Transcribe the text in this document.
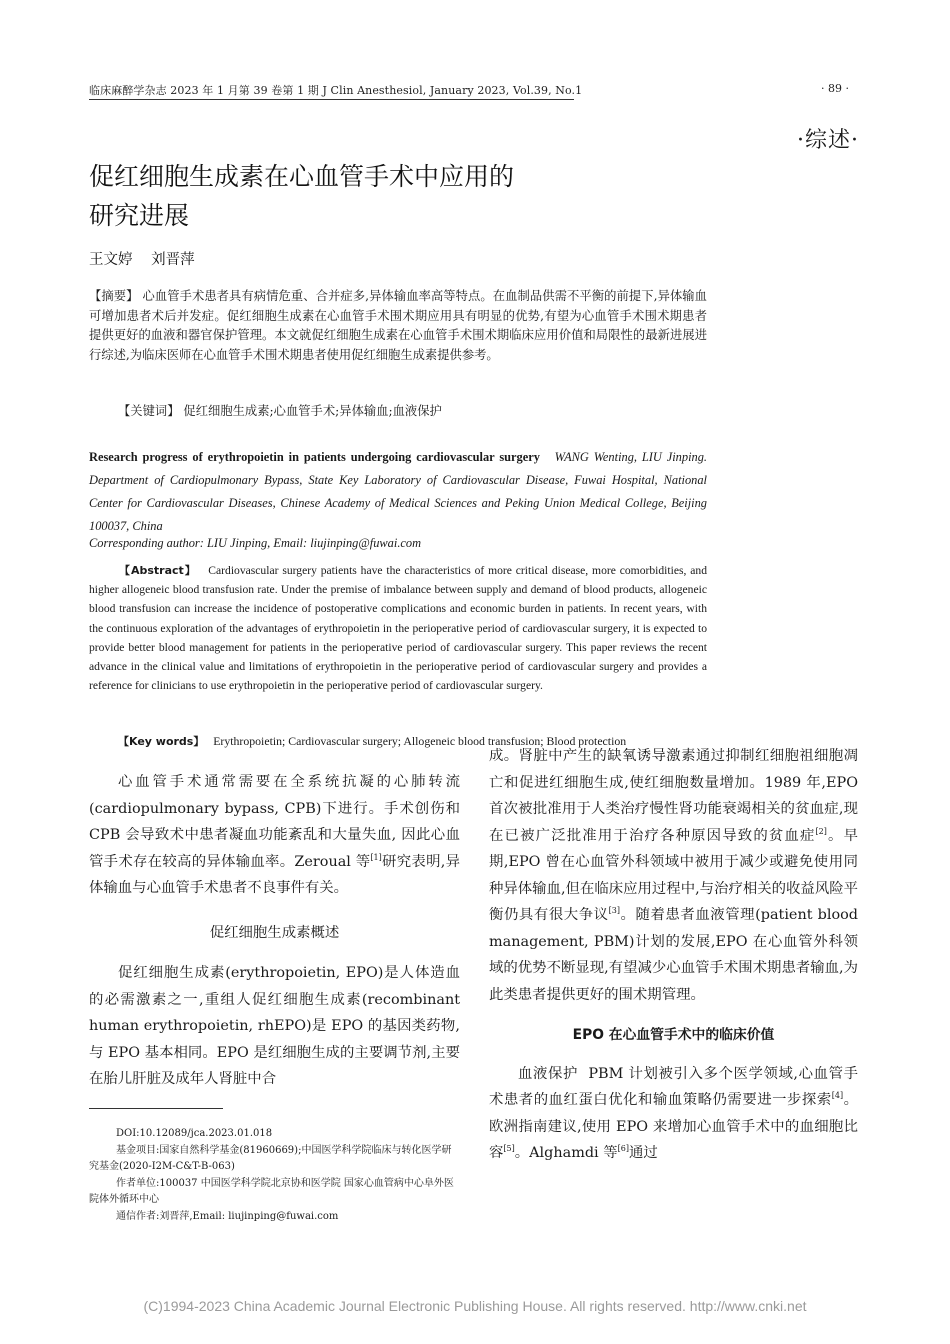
临床麻醉学杂志 2023 年 1 月第 39 卷第 1 期 J Clin Anesthesiol, January 2023, Vol.39, No.1	· 89 ·
·综述·
促红细胞生成素在心血管手术中应用的
研究进展
王文婷 刘晋萍
【摘要】 心血管手术患者具有病情危重、合并症多,异体输血率高等特点。在血制品供需不平衡的前提下,异体输血可增加患者术后并发症。促红细胞生成素在心血管手术围术期应用具有明显的优势,有望为心血管手术围术期患者提供更好的血液和器官保护管理。本文就促红细胞生成素在心血管手术围术期临床应用价值和局限性的最新进展进行综述,为临床医师在心血管手术围术期患者使用促红细胞生成素提供参考。
【关键词】 促红细胞生成素;心血管手术;异体输血;血液保护
Research progress of erythropoietin in patients undergoing cardiovascular surgery WANG Wenting, LIU Jinping. Department of Cardiopulmonary Bypass, State Key Laboratory of Cardiovascular Disease, Fuwai Hospital, National Center for Cardiovascular Diseases, Chinese Academy of Medical Sciences and Peking Union Medical College, Beijing 100037, China
Corresponding author: LIU Jinping, Email: liujinping@fuwai.com
【Abstract】 Cardiovascular surgery patients have the characteristics of more critical disease, more comorbidities, and higher allogeneic blood transfusion rate. Under the premise of imbalance between supply and demand of blood products, allogeneic blood transfusion can increase the incidence of postoperative complications and economic burden in patients. In recent years, with the continuous exploration of the advantages of erythropoietin in the perioperative period of cardiovascular surgery, it is expected to provide better blood management for patients in the perioperative period of cardiovascular surgery. This paper reviews the recent advance in the clinical value and limitations of erythropoietin in the perioperative period of cardiovascular surgery and provides a reference for clinicians to use erythropoietin in the perioperative period of cardiovascular surgery.
【Key words】 Erythropoietin; Cardiovascular surgery; Allogeneic blood transfusion; Blood protection

心血管手术通常需要在全系统抗凝的心肺转流(cardiopulmonary bypass, CPB)下进行。手术创伤和 CPB 会导致术中患者凝血功能紊乱和大量失血, 因此心血管手术存在较高的异体输血率。Zeroual 等[1]研究表明,异体输血与心血管手术患者不良事件有关。

促红细胞生成素概述

促红细胞生成素(erythropoietin, EPO)是人体造血的必需激素之一,重组人促红细胞生成素(recombinant human erythropoietin, rhEPO)是 EPO 的基因类药物,与 EPO 基本相同。EPO 是红细胞生成的主要调节剂,主要在胎儿肝脏及成年人肾脏中合

DOI:10.12089/jca.2023.01.018

基金项目:国家自然科学基金(81960669);中国医学科学院临床与转化医学研究基金(2020-I2M-C&T-B-063)

作者单位:100037 中国医学科学院北京协和医学院 国家心血管病中心阜外医院体外循环中心

通信作者:刘晋萍,Email: liujinping@fuwai.com

成。肾脏中产生的缺氧诱导激素通过抑制红细胞祖细胞凋亡和促进红细胞生成,使红细胞数量增加。1989 年,EPO 首次被批准用于人类治疗慢性肾功能衰竭相关的贫血症,现在已被广泛批准用于治疗各种原因导致的贫血症[2]。早期,EPO 曾在心血管外科领域中被用于减少或避免使用同种异体输血,但在临床应用过程中,与治疗相关的收益风险平衡仍具有很大争议[3]。随着患者血液管理(patient blood management, PBM)计划的发展,EPO 在心血管外科领域的优势不断显现,有望减少心血管手术围术期患者输血,为此类患者提供更好的围术期管理。

EPO 在心血管手术中的临床价值

血液保护 PBM 计划被引入多个医学领域,心血管手术患者的血红蛋白优化和输血策略仍需要进一步探索[4]。欧洲指南建议,使用 EPO 来增加心血管手术中的血细胞比容[5]。Alghamdi 等[6]通过

(C)1994-2023 China Academic Journal Electronic Publishing House. All rights reserved. http://www.cnki.net
